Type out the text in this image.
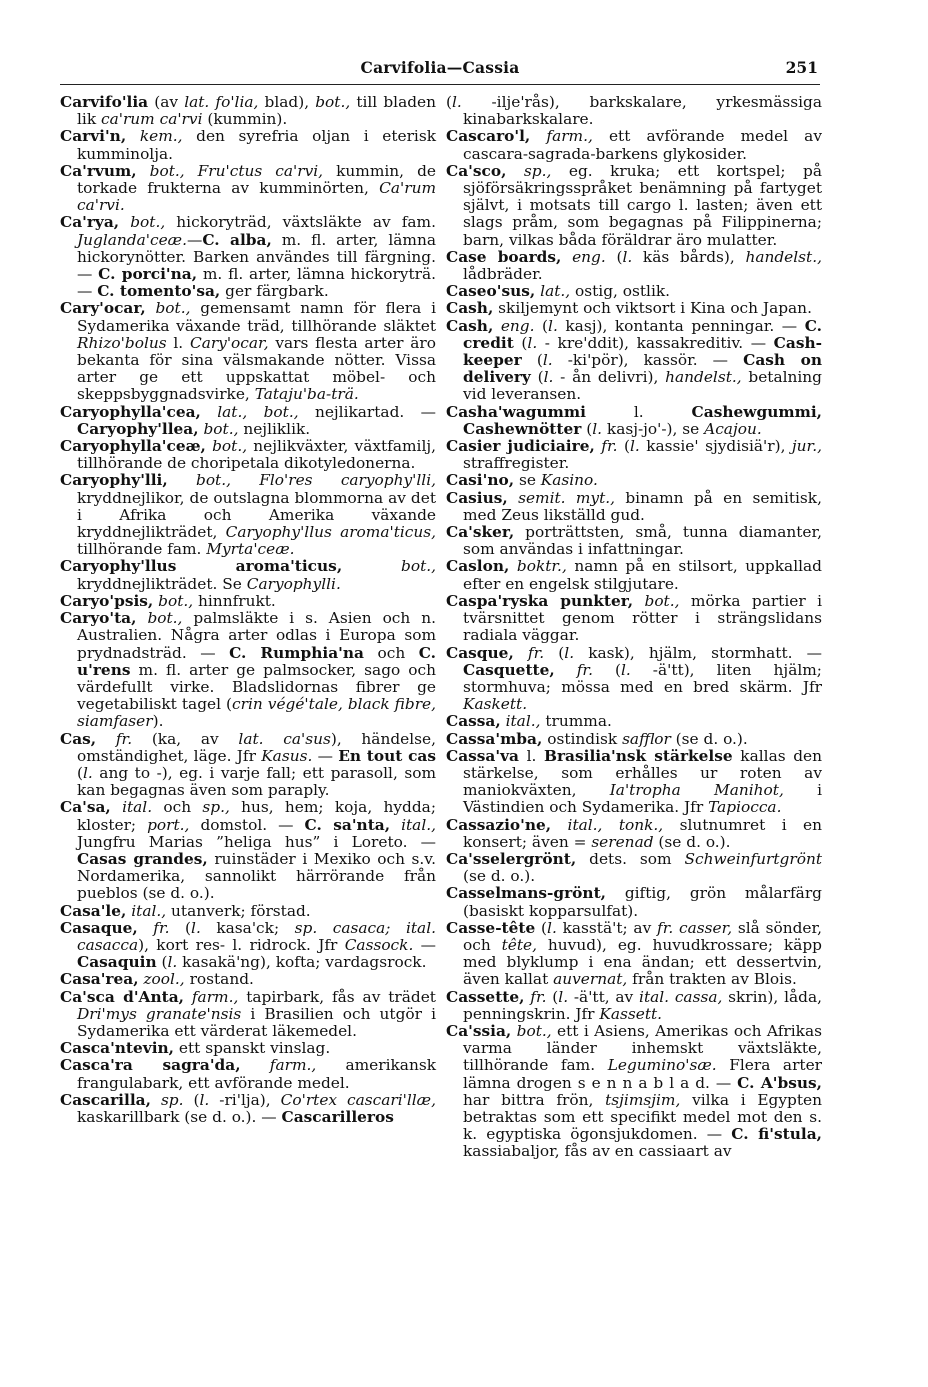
Carvifolia—Cassia	251

Carvifo'lia (av lat. fo'lia, blad), bot., till bladen lik ca'rum ca'rvi (kummin).

Carvi'n, kem., den syrefria oljan i eterisk kumminolja.

Ca'rvum, bot., Fru'ctus ca'rvi, kummin, de torkade frukterna av kumminörten, Ca'rum ca'rvi.

Ca'rya, bot., hickoryträd, växtsläkte av fam. Juglanda'ceæ.—C. alba, m. fl. arter, lämna hickorynötter. Barken användes till färgning. — C. porci'na, m. fl. arter, lämna hickoryträ. — C. tomento'sa, ger färgbark.

Cary'ocar, bot., gemensamt namn för flera i Sydamerika växande träd, tillhörande släktet Rhizo'bolus l. Cary'ocar, vars flesta arter äro bekanta för sina välsmakande nötter. Vissa arter ge ett uppskattat möbel- och skeppsbyggnadsvirke, Tataju'ba-trä.

Caryophylla'cea, lat., bot., nejlikartad. — Caryophy'llea, bot., nejliklik.

Caryophylla'ceæ, bot., nejlikväxter, växtfamilj, tillhörande de choripetala dikotyledonerna.

Caryophy'lli, bot., Flo'res caryophy'lli, kryddnejlikor, de outslagna blommorna av det i Afrika och Amerika växande kryddnejlikträdet, Caryophy'llus aroma'ticus, tillhörande fam. Myrta'ceæ.

Caryophy'llus aroma'ticus,	bot., kryddnejlikträdet. Se Caryophylli.

Caryo'psis, bot., hinnfrukt.

Caryo'ta, bot., palmsläkte i s. Asien och n. Australien. Några arter odlas i Europa som prydnadsträd. — C. Rumphia'na och C. u'rens m. fl. arter ge palmsocker, sago och värdefullt virke. Bladslidornas fibrer ge vegetabiliskt tagel (crin végé'tale, black fibre, siamfaser).

Cas, fr. (ka, av lat. ca'sus), händelse, omständighet, läge. Jfr Kasus. — En tout cas (l. ang to -), eg. i varje fall; ett parasoll, som kan begagnas även som paraply.

Ca'sa, ital. och sp., hus, hem; koja, hydda; kloster; port., domstol. — C. sa'nta, ital., Jungfru Marias ”heliga hus” i Loreto. — Casas grandes, ruinstäder i Mexiko och s.v. Nordamerika, sannolikt härrörande från pueblos (se d. o.).

Casa'le, ital., utanverk; förstad.

Casaque, fr. (l. kasa'ck; sp. casaca; ital. casacca), kort res- l. ridrock. Jfr Cassock. — Casaquin (l. kasakä'ng), kofta; vardagsrock.

Casa'rea, zool., rostand.

Ca'sca d'Anta, farm., tapirbark, fås av trädet Dri'mys granate'nsis i Brasilien och utgör i Sydamerika ett värderat läkemedel.

Casca'ntevin, ett spanskt vinslag.

Casca'ra sagra'da, farm., amerikansk frangulabark, ett avförande medel.

Cascarilla, sp. (l. -ri'lja), Co'rtex cascari'llæ, kaskarillbark (se d. o.). — Cascarilleros

(l. -ilje'rås), barkskalare, yrkesmässiga kinabarkskalare.

Cascaro'l, farm., ett avförande medel av cascara-sagrada-barkens glykosider.

Ca'sco, sp., eg. kruka; ett kortspel; på sjöförsäkringsspråket benämning på fartyget självt, i motsats till cargo l. lasten; även ett slags pråm, som begagnas på Filippinerna; barn, vilkas båda föräldrar äro mulatter.

Case boards, eng. (l. käs bårds), handelst., lådbräder.

Caseo'sus, lat., ostig, ostlik.

Cash, skiljemynt och viktsort i Kina och Japan.

Cash, eng. (l. kasj), kontanta penningar. — C. credit (l. - kre'ddit), kassakreditiv. — Cash-keeper (l. -ki'pör), kassör. — Cash on delivery (l. - ån delivri), handelst., betalning vid leveransen.

Casha'wagummi l. Cashewgummi, Cashewnötter (l. kasj-jo'-), se Acajou.

Casier judiciaire, fr. (l. kassie' sjydisiä'r), jur., straffregister.

Casi'no, se Kasino.

Casius, semit. myt., binamn på en semitisk, med Zeus likställd gud.

Ca'sker, porträttsten, små, tunna diamanter, som användas i infattningar.

Caslon, boktr., namn på en stilsort, uppkallad efter en engelsk stilgjutare.

Caspa'ryska punkter, bot., mörka partier i tvärsnittet genom rötter i strängslidans radiala väggar.

Casque, fr. (l. kask), hjälm, stormhatt. — Casquette, fr. (l. -ä'tt), liten hjälm; stormhuva; mössa med en bred skärm. Jfr Kaskett.

Cassa, ital., trumma.

Cassa'mba, ostindisk safflor (se d. o.).

Cassa'va l. Brasilia'nsk stärkelse kallas den stärkelse, som erhålles ur roten av maniokväxten, Ia'tropha Manihot, i Västindien och Sydamerika. Jfr Tapiocca.

Cassazio'ne, ital., tonk., slutnumret i en konsert; även = serenad (se d. o.).

Ca'sselergrönt, dets. som Schweinfurtgrönt (se d. o.).

Casselmans-grönt, giftig, grön målarfärg (basiskt kopparsulfat).

Casse-tête (l. kasstä't; av fr. casser, slå sönder, och tête, huvud), eg. huvudkrossare; käpp med blyklump i ena ändan; ett dessertvin, även kallat auvernat, från trakten av Blois.

Cassette, fr. (l. -ä'tt, av ital. cassa, skrin), låda, penningskrin. Jfr Kassett.

Ca'ssia, bot., ett i Asiens, Amerikas och Afrikas varma länder inhemskt växtsläkte, tillhörande fam. Legumino'sæ. Flera arter lämna drogen s e n n a b l a d. — C. A'bsus, har bittra frön, tsjimsjim, vilka i Egypten betraktas som ett specifikt medel mot den s. k. egyptiska ögonsjukdomen. — C. fi'stula, kassiabaljor, fås av en cassiaart av
